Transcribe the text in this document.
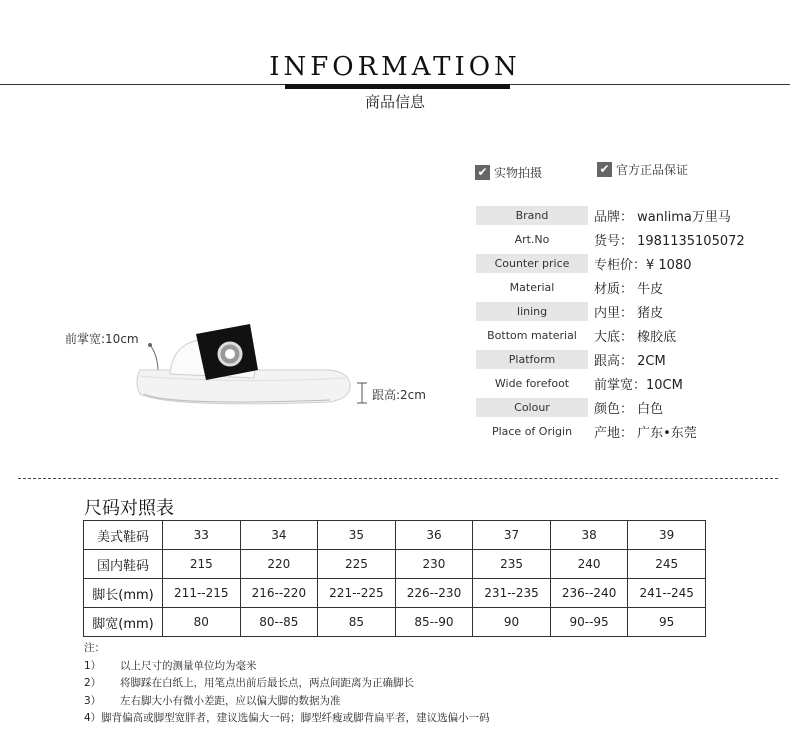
INFORMATION
商品信息
✔ 实物拍摄	✔ 官方正品保证
Brand	品牌： wanlima万里马
Art.No	货号： 1981135105072
Counter price	专柜价：¥ 1080
Material	材质： 牛皮
Iining	内里： 猪皮
Bottom material	大底： 橡胶底
Platform	跟高： 2CM
Wide forefoot	前掌宽：10CM
Colour	颜色： 白色
Place of Origin	产地： 广东•东莞
前掌宽:10cm
跟高:2cm
尺码对照表
美式鞋码	33	34	35	36	37	38	39
国内鞋码	215	220	225	230	235	240	245
脚长(mm)	211--215	216--220	221--225	226--230	231--235	236--240	241--245
脚宽(mm)	80	80--85	85	85--90	90	90--95	95
注：
1） 以上尺寸的测量单位均为毫米
2） 将脚踩在白纸上，用笔点出前后最长点，两点间距离为正确脚长
3） 左右脚大小有微小差距，应以偏大脚的数据为准
4）脚背偏高或脚型宽胖者，建议选偏大一码；脚型纤瘦或脚背扁平者，建议选偏小一码
